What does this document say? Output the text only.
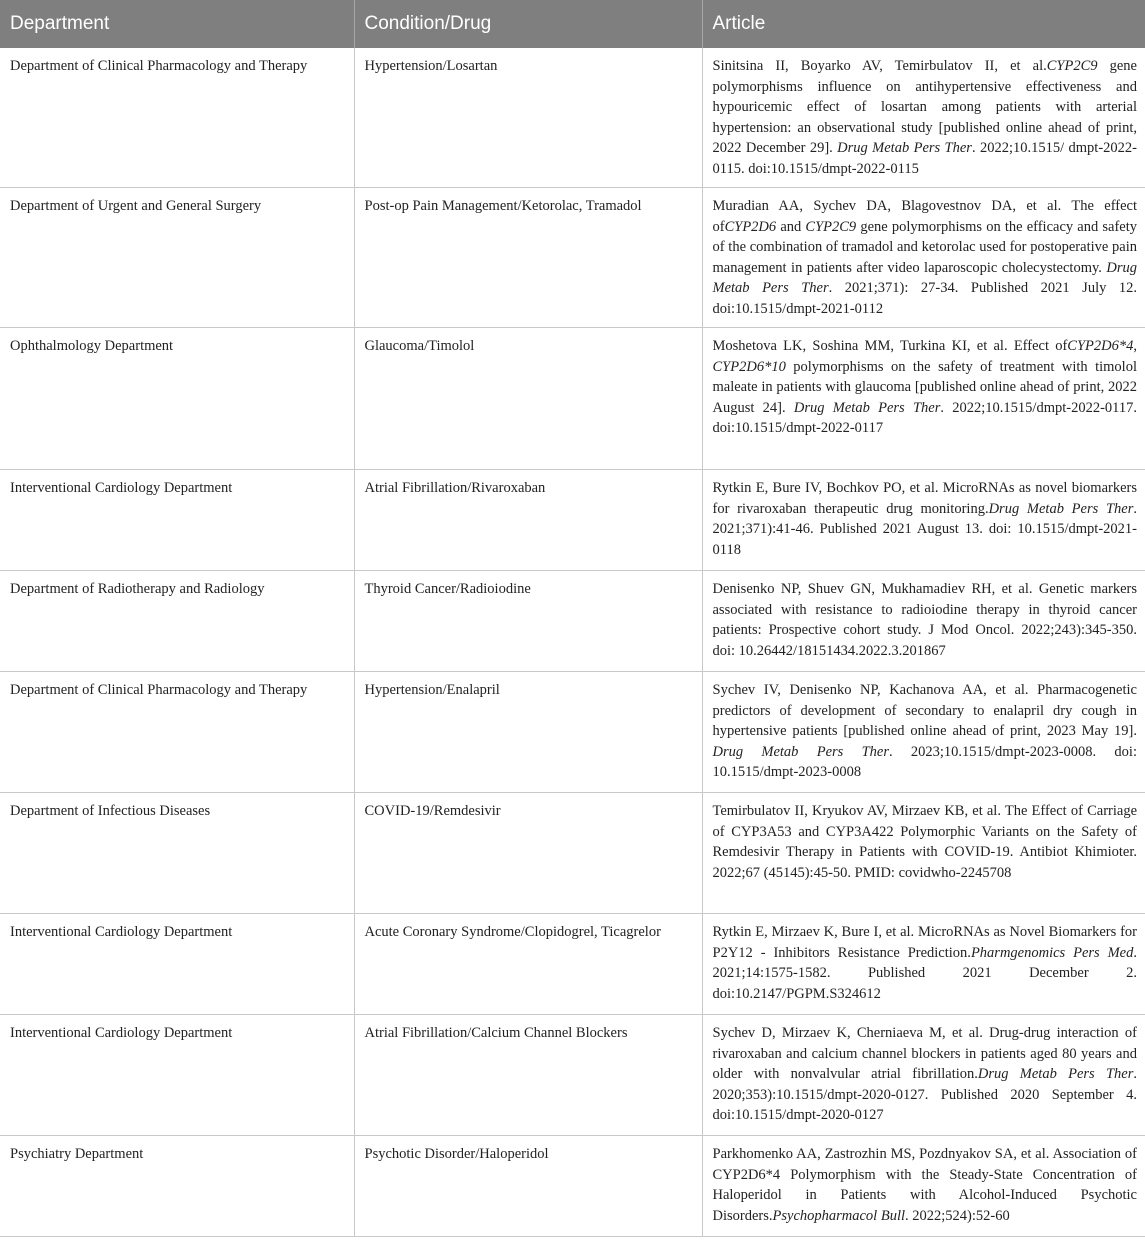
Department	Condition/Drug	Article
Department of Clinical Pharmacology and Therapy	Hypertension/Losartan	Sinitsina II, Boyarko AV, Temirbulatov II, et al.CYP2C9 gene polymorphisms influence on antihypertensive effectiveness and hypouricemic effect of losartan among patients with arterial hypertension: an observational study [published online ahead of print, 2022 December 29]. Drug Metab Pers Ther. 2022;10.1515/ dmpt-2022-0115. doi:10.1515/dmpt-2022-0115
Department of Urgent and General Surgery	Post-op Pain Management/Ketorolac, Tramadol	Muradian AA, Sychev DA, Blagovestnov DA, et al. The effect ofCYP2D6 and CYP2C9 gene polymorphisms on the efficacy and safety of the combination of tramadol and ketorolac used for postoperative pain management in patients after video laparoscopic cholecystectomy. Drug Metab Pers Ther. 2021;371): 27-34. Published 2021 July 12. doi:10.1515/dmpt-2021-0112
Ophthalmology Department	Glaucoma/Timolol	Moshetova LK, Soshina MM, Turkina KI, et al. Effect ofCYP2D6*4, CYP2D6*10 polymorphisms on the safety of treatment with timolol maleate in patients with glaucoma [published online ahead of print, 2022 August 24]. Drug Metab Pers Ther. 2022;10.1515/dmpt-2022-0117. doi:10.1515/dmpt-2022-0117
Interventional Cardiology Department	Atrial Fibrillation/Rivaroxaban	Rytkin E, Bure IV, Bochkov PO, et al. MicroRNAs as novel biomarkers for rivaroxaban therapeutic drug monitoring.Drug Metab Pers Ther. 2021;371):41-46. Published 2021 August 13. doi: 10.1515/dmpt-2021-0118
Department of Radiotherapy and Radiology	Thyroid Cancer/Radioiodine	Denisenko NP, Shuev GN, Mukhamadiev RH, et al. Genetic markers associated with resistance to radioiodine therapy in thyroid cancer patients: Prospective cohort study. J Mod Oncol. 2022;243):345-350. doi: 10.26442/18151434.2022.3.201867
Department of Clinical Pharmacology and Therapy	Hypertension/Enalapril	Sychev IV, Denisenko NP, Kachanova AA, et al. Pharmacogenetic predictors of development of secondary to enalapril dry cough in hypertensive patients [published online ahead of print, 2023 May 19]. Drug Metab Pers Ther. 2023;10.1515/dmpt-2023-0008. doi: 10.1515/dmpt-2023-0008
Department of Infectious Diseases	COVID-19/Remdesivir	Temirbulatov II, Kryukov AV, Mirzaev KB, et al. The Effect of Carriage of CYP3A53 and CYP3A422 Polymorphic Variants on the Safety of Remdesivir Therapy in Patients with COVID-19. Antibiot Khimioter. 2022;67 (45145):45-50. PMID: covidwho-2245708
Interventional Cardiology Department	Acute Coronary Syndrome/Clopidogrel, Ticagrelor	Rytkin E, Mirzaev K, Bure I, et al. MicroRNAs as Novel Biomarkers for P2Y12 - Inhibitors Resistance Prediction.Pharmgenomics Pers Med. 2021;14:1575-1582. Published 2021 December 2. doi:10.2147/PGPM.S324612
Interventional Cardiology Department	Atrial Fibrillation/Calcium Channel Blockers	Sychev D, Mirzaev K, Cherniaeva M, et al. Drug-drug interaction of rivaroxaban and calcium channel blockers in patients aged 80 years and older with nonvalvular atrial fibrillation.Drug Metab Pers Ther. 2020;353):10.1515/dmpt-2020-0127. Published 2020 September 4. doi:10.1515/dmpt-2020-0127
Psychiatry Department	Psychotic Disorder/Haloperidol	Parkhomenko AA, Zastrozhin MS, Pozdnyakov SA, et al. Association of CYP2D6*4 Polymorphism with the Steady-State Concentration of Haloperidol in Patients with Alcohol-Induced Psychotic Disorders.Psychopharmacol Bull. 2022;524):52-60
